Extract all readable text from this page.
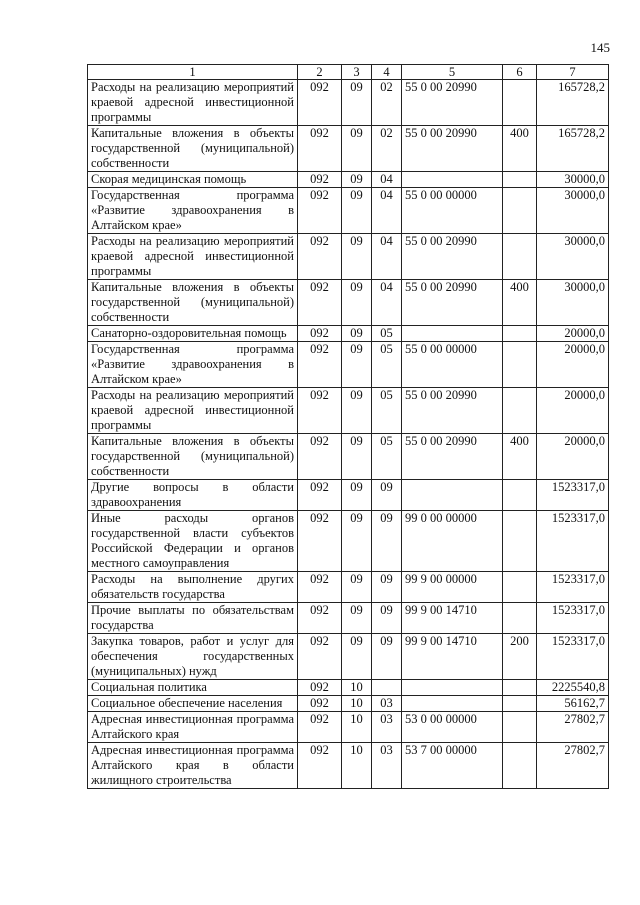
145
1	2	3	4	5	6	7
Расходы на реализацию мероприятий краевой адресной инвестиционной программы	092	09	02	55 0 00 20990		165728,2
Капитальные вложения в объекты государственной (муниципальной) собственности	092	09	02	55 0 00 20990	400	165728,2
Скорая медицинская помощь	092	09	04			30000,0
Государственная программа «Развитие здравоохранения в Алтайском крае»	092	09	04	55 0 00 00000		30000,0
Расходы на реализацию мероприятий краевой адресной инвестиционной программы	092	09	04	55 0 00 20990		30000,0
Капитальные вложения в объекты государственной (муниципальной) собственности	092	09	04	55 0 00 20990	400	30000,0
Санаторно-оздоровительная помощь	092	09	05			20000,0
Государственная программа «Развитие здравоохранения в Алтайском крае»	092	09	05	55 0 00 00000		20000,0
Расходы на реализацию мероприятий краевой адресной инвестиционной программы	092	09	05	55 0 00 20990		20000,0
Капитальные вложения в объекты государственной (муниципальной) собственности	092	09	05	55 0 00 20990	400	20000,0
Другие вопросы в области здравоохранения	092	09	09			1523317,0
Иные расходы органов государственной власти субъектов Российской Федерации и органов местного самоуправления	092	09	09	99 0 00 00000		1523317,0
Расходы на выполнение других обязательств государства	092	09	09	99 9 00 00000		1523317,0
Прочие выплаты по обязательствам государства	092	09	09	99 9 00 14710		1523317,0
Закупка товаров, работ и услуг для обеспечения государственных (муниципальных) нужд	092	09	09	99 9 00 14710	200	1523317,0
Социальная политика	092	10				2225540,8
Социальное обеспечение населения	092	10	03			56162,7
Адресная инвестиционная программа Алтайского края	092	10	03	53 0 00 00000		27802,7
Адресная инвестиционная программа Алтайского края в области жилищного строительства	092	10	03	53 7 00 00000		27802,7
